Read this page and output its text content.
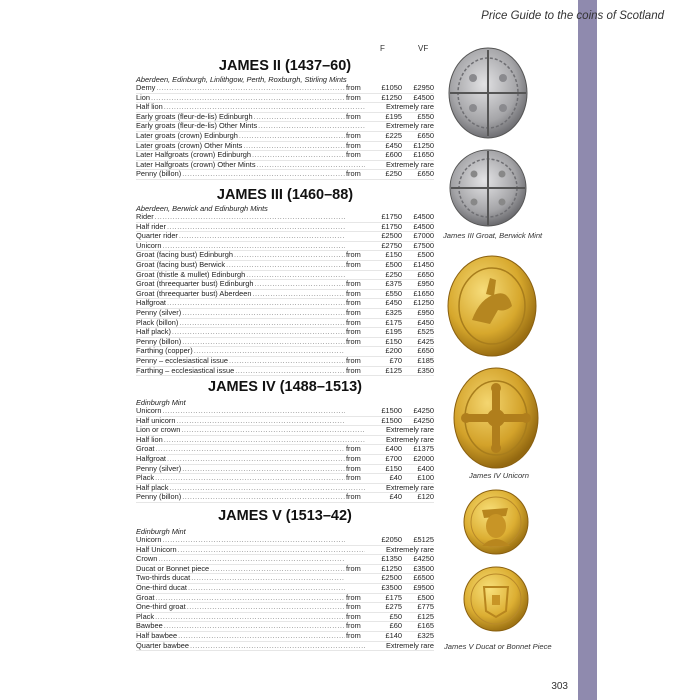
Price Guide to the coins of Scotland
F	VF
JAMES II (1437–60)
Aberdeen, Edinburgh, Linlithgow, Perth, Roxburgh, Stirling Mints
Demy .....	from	£1050	£2950
Lion .....	from	£1250	£4500
Half lion .....	Extremely rare
Early groats (fleur-de-lis) Edinburgh .....	from	£195	£550
Early groats (fleur-de-lis) Other Mints .....	Extremely rare
Later groats (crown) Edinburgh .....	from	£225	£650
Later groats (crown) Other Mints .....	from	£450	£1250
Later Halfgroats (crown) Edinburgh .....	from	£600	£1650
Later Halfgroats (crown) Other Mints .....	Extremely rare
Penny (billon) .....	from	£250	£650
JAMES III (1460–88)
Aberdeen, Berwick and Edinburgh Mints
Rider .....	£1750	£4500
Half rider .....	£1750	£4500
Quarter rider .....	£2500	£7000
Unicorn .....	£2750	£7500
Groat (facing bust) Edinburgh .....	from	£150	£500
Groat (facing bust) Berwick .....	from	£500	£1450
Groat (thistle & mullet) Edinburgh .....	£250	£650
Groat (threequarter bust) Edinburgh .....	from	£375	£950
Groat (threequarter bust) Aberdeen .....	from	£550	£1650
Halfgroat .....	from	£450	£1250
Penny (silver) .....	from	£325	£950
Plack (billon) .....	from	£175	£450
Half plack) .....	from	£195	£525
Penny (billon) .....	from	£150	£425
Farthing (copper) .....	£200	£650
Penny – ecclesiastical issue .....	from	£70	£185
Farthing – ecclesiastical issue .....	from	£125	£350
JAMES IV (1488–1513)
Edinburgh Mint
Unicorn .....	£1500	£4250
Half unicorn .....	£1500	£4250
Lion or crown .....	Extremely rare
Half lion .....	Extremely rare
Groat .....	from	£400	£1375
Halfgroat .....	from	£700	£2000
Penny (silver) .....	from	£150	£400
Plack .....	from	£40	£100
Half plack .....	Extremely rare
Penny (billon) .....	from	£40	£120
JAMES V (1513–42)
Edinburgh Mint
Unicorn .....	£2050	£5125
Half Unicorn .....	Extremely rare
Crown .....	£1350	£4250
Ducat or Bonnet piece .....	from	£1250	£3500
Two-thirds ducat .....	£2500	£6500
One-third ducat .....	£3500	£9500
Groat .....	from	£175	£500
One-third groat .....	from	£275	£775
Plack .....	from	£50	£125
Bawbee .....	from	£60	£165
Half bawbee .....	from	£140	£325
Quarter bawbee .....	Extremely rare
James III Groat, Berwick Mint
James IV Unicorn
James V Ducat or Bonnet Piece
303
